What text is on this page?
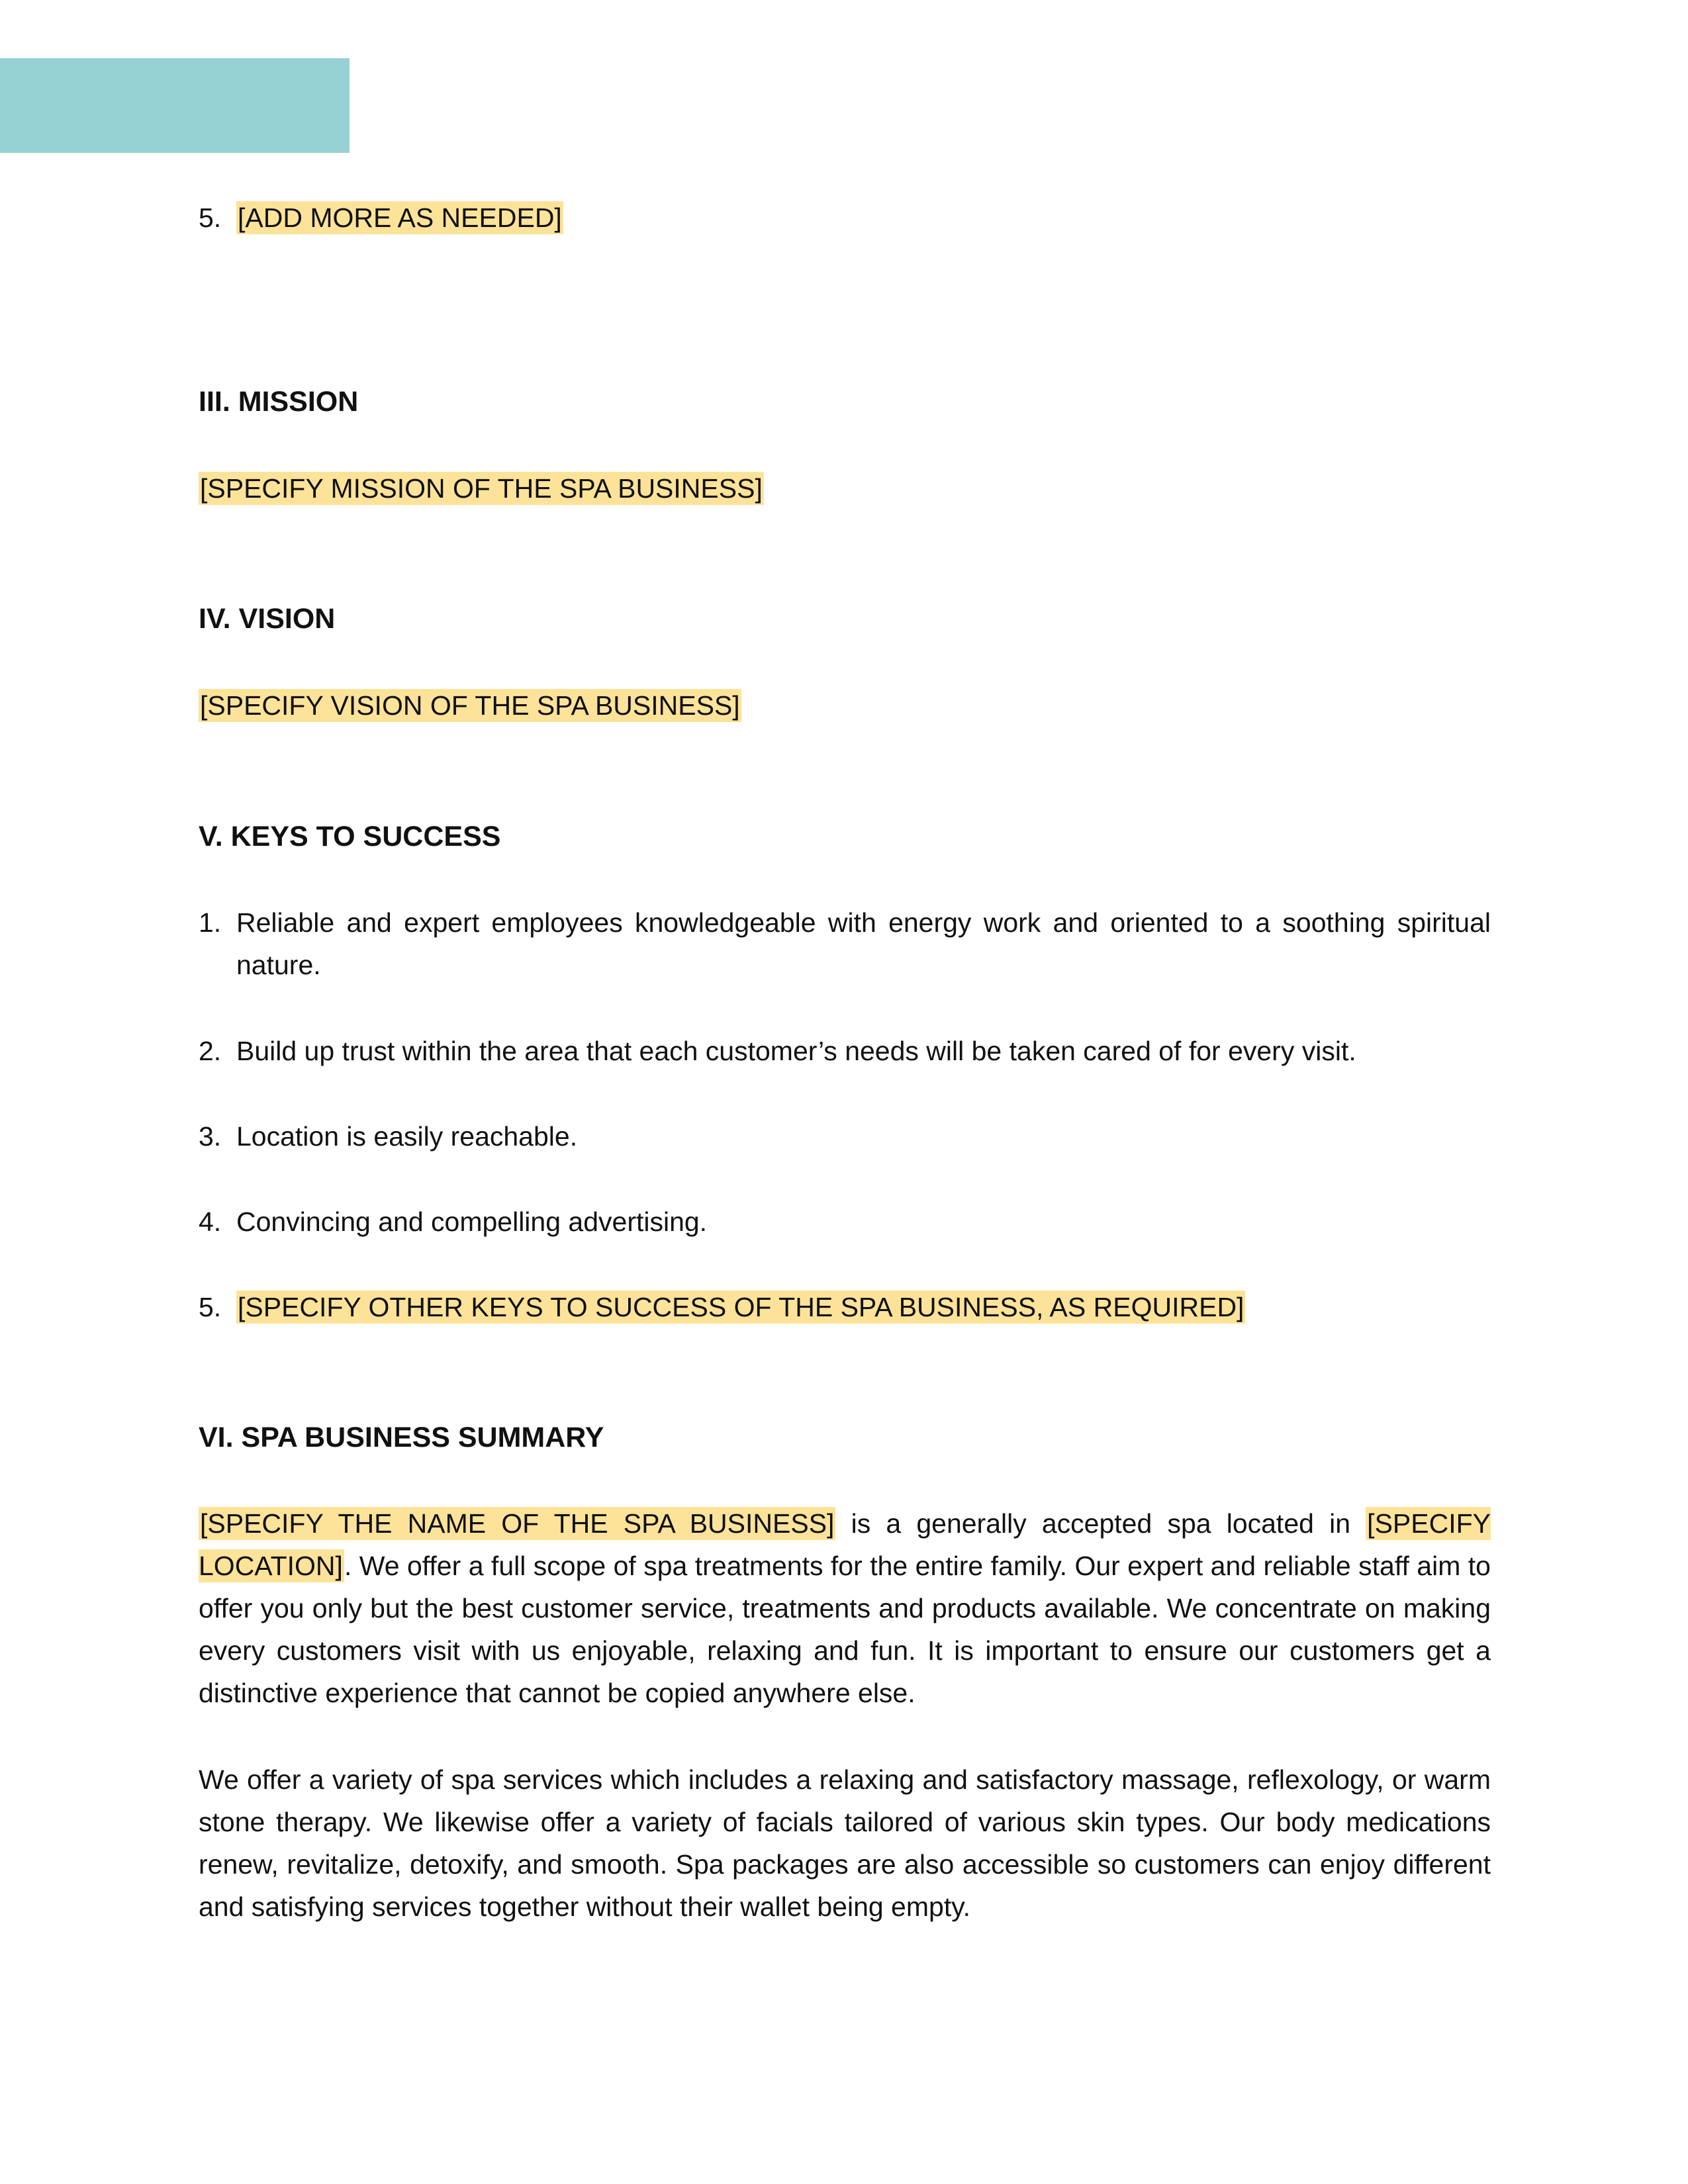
5. [ADD MORE AS NEEDED]
III. MISSION
[SPECIFY MISSION OF THE SPA BUSINESS]
IV. VISION
[SPECIFY VISION OF THE SPA BUSINESS]
V. KEYS TO SUCCESS
1. Reliable and expert employees knowledgeable with energy work and oriented to a soothing spiritual nature.
2. Build up trust within the area that each customer’s needs will be taken cared of for every visit.
3. Location is easily reachable.
4. Convincing and compelling advertising.
5. [SPECIFY OTHER KEYS TO SUCCESS OF THE SPA BUSINESS, AS REQUIRED]
VI. SPA BUSINESS SUMMARY
[SPECIFY THE NAME OF THE SPA BUSINESS] is a generally accepted spa located in [SPECIFY LOCATION]. We offer a full scope of spa treatments for the entire family. Our expert and reliable staff aim to offer you only but the best customer service, treatments and products available. We concentrate on making every customers visit with us enjoyable, relaxing and fun. It is important to ensure our customers get a distinctive experience that cannot be copied anywhere else.
We offer a variety of spa services which includes a relaxing and satisfactory massage, reflexology, or warm stone therapy. We likewise offer a variety of facials tailored of various skin types. Our body medications renew, revitalize, detoxify, and smooth. Spa packages are also accessible so customers can enjoy different and satisfying services together without their wallet being empty.
